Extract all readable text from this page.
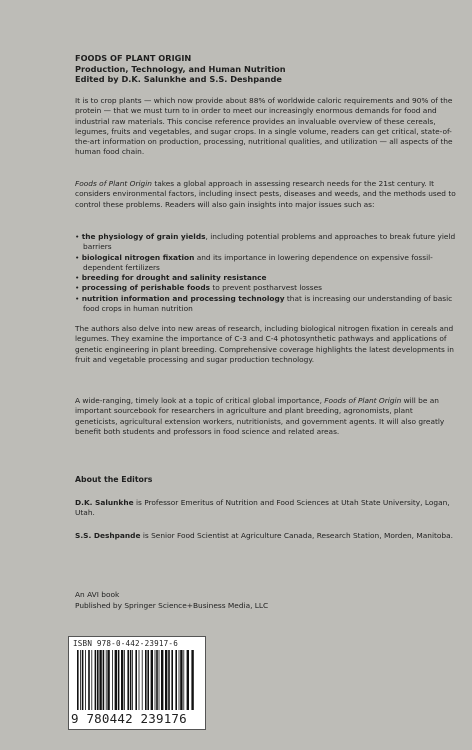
FOODS OF PLANT ORIGIN
Production, Technology, and Human Nutrition
Edited by D.K. Salunkhe and S.S. Deshpande

It is to crop plants — which now provide about 88% of worldwide caloric requirements and 90% of the protein — that we must turn to in order to meet our increasingly enormous demands for food and industrial raw materials. This concise reference provides an invaluable overview of these cereals, legumes, fruits and vegetables, and sugar crops. In a single volume, readers can get critical, state-of-the-art information on production, processing, nutritional qualities, and utilization — all aspects of the human food chain.

Foods of Plant Origin takes a global approach in assessing research needs for the 21st century. It considers environmental factors, including insect pests, diseases and weeds, and the methods used to control these problems. Readers will also gain insights into major issues such as:

• the physiology of grain yields, including potential problems and approaches to break future yield barriers
• biological nitrogen fixation and its importance in lowering dependence on expensive fossil-dependent fertilizers
• breeding for drought and salinity resistance
• processing of perishable foods to prevent postharvest losses
• nutrition information and processing technology that is increasing our understanding of basic food crops in human nutrition

The authors also delve into new areas of research, including biological nitrogen fixation in cereals and legumes. They examine the importance of C-3 and C-4 photosynthetic pathways and applications of genetic engineering in plant breeding. Comprehensive coverage highlights the latest developments in fruit and vegetable processing and sugar production technology.

A wide-ranging, timely look at a topic of critical global importance, Foods of Plant Origin will be an important sourcebook for researchers in agriculture and plant breeding, agronomists, plant geneticists, agricultural extension workers, nutritionists, and government agents. It will also greatly benefit both students and professors in food science and related areas.

About the Editors

D.K. Salunkhe is Professor Emeritus of Nutrition and Food Sciences at Utah State University, Logan, Utah.

S.S. Deshpande is Senior Food Scientist at Agriculture Canada, Research Station, Morden, Manitoba.

An AVI book
Published by Springer Science+Business Media, LLC
ISBN 978-0-442-23917-6
9 780442 239176
